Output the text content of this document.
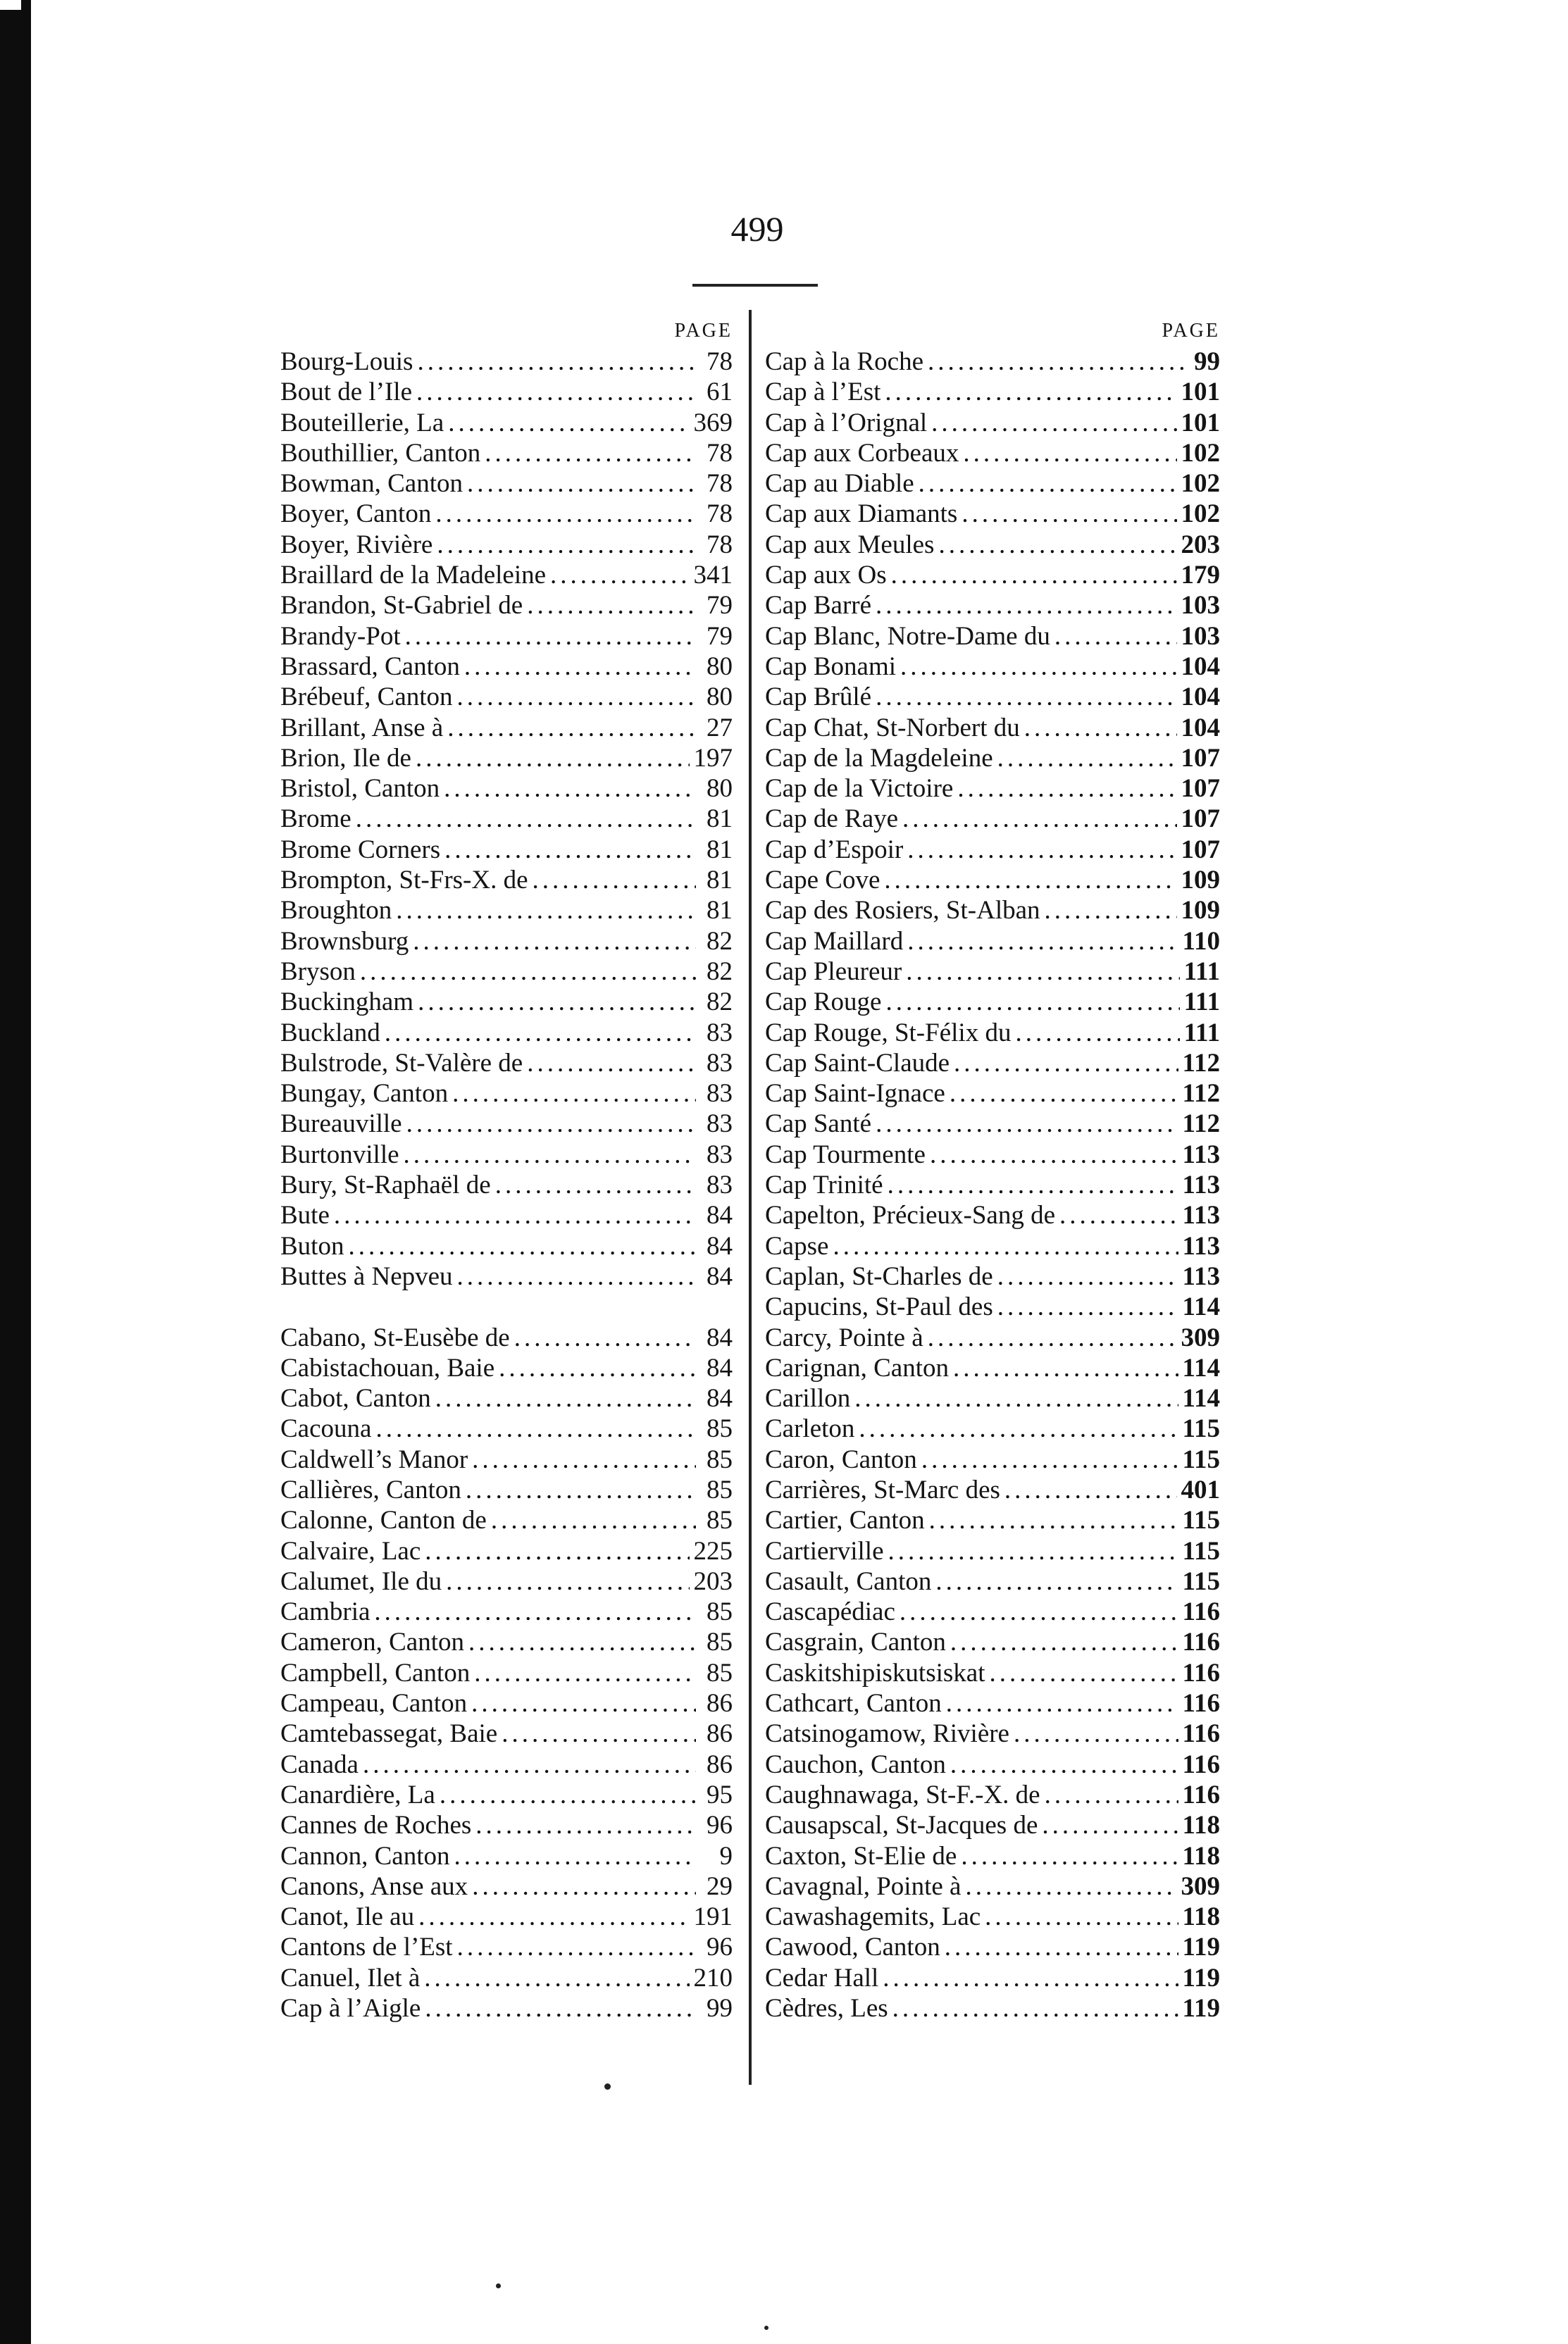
499
PAGE
Bourg-Louis .....	78
Bout de l’Ile .....	61
Bouteillerie, La .....	369
Bouthillier, Canton .....	78
Bowman, Canton .....	78
Boyer, Canton .....	78
Boyer, Rivière .....	78
Braillard de la Madeleine .....	341
Brandon, St-Gabriel de .....	79
Brandy-Pot .....	79
Brassard, Canton .....	80
Brébeuf, Canton .....	80
Brillant, Anse à .....	27
Brion, Ile de .....	197
Bristol, Canton .....	80
Brome .....	81
Brome Corners .....	81
Brompton, St-Frs-X. de .....	81
Broughton .....	81
Brownsburg .....	82
Bryson .....	82
Buckingham .....	82
Buckland .....	83
Bulstrode, St-Valère de .....	83
Bungay, Canton .....	83
Bureauville .....	83
Burtonville .....	83
Bury, St-Raphaël de .....	83
Bute .....	84
Buton .....	84
Buttes à Nepveu .....	84
Cabano, St-Eusèbe de .....	84
Cabistachouan, Baie .....	84
Cabot, Canton .....	84
Cacouna .....	85
Caldwell’s Manor .....	85
Callières, Canton .....	85
Calonne, Canton de .....	85
Calvaire, Lac .....	225
Calumet, Ile du .....	203
Cambria .....	85
Cameron, Canton .....	85
Campbell, Canton .....	85
Campeau, Canton .....	86
Camtebassegat, Baie .....	86
Canada .....	86
Canardière, La .....	95
Cannes de Roches .....	96
Cannon, Canton .....	9
Canons, Anse aux .....	29
Canot, Ile au .....	191
Cantons de l’Est .....	96
Canuel, Ilet à .....	210
Cap à l’Aigle .....	99
PAGE
Cap à la Roche .....	99
Cap à l’Est .....	101
Cap à l’Orignal .....	101
Cap aux Corbeaux .....	102
Cap au Diable .....	102
Cap aux Diamants .....	102
Cap aux Meules .....	203
Cap aux Os .....	179
Cap Barré .....	103
Cap Blanc, Notre-Dame du .....	103
Cap Bonami .....	104
Cap Brûlé .....	104
Cap Chat, St-Norbert du .....	104
Cap de la Magdeleine .....	107
Cap de la Victoire .....	107
Cap de Raye .....	107
Cap d’Espoir .....	107
Cape Cove .....	109
Cap des Rosiers, St-Alban .....	109
Cap Maillard .....	110
Cap Pleureur .....	111
Cap Rouge .....	111
Cap Rouge, St-Félix du .....	111
Cap Saint-Claude .....	112
Cap Saint-Ignace .....	112
Cap Santé .....	112
Cap Tourmente .....	113
Cap Trinité .....	113
Capelton, Précieux-Sang de .....	113
Capse .....	113
Caplan, St-Charles de .....	113
Capucins, St-Paul des .....	114
Carcy, Pointe à .....	309
Carignan, Canton .....	114
Carillon .....	114
Carleton .....	115
Caron, Canton .....	115
Carrières, St-Marc des .....	401
Cartier, Canton .....	115
Cartierville .....	115
Casault, Canton .....	115
Cascapédiac .....	116
Casgrain, Canton .....	116
Caskitshipiskutsiskat .....	116
Cathcart, Canton .....	116
Catsinogamow, Rivière .....	116
Cauchon, Canton .....	116
Caughnawaga, St-F.-X. de .....	116
Causapscal, St-Jacques de .....	118
Caxton, St-Elie de .....	118
Cavagnal, Pointe à .....	309
Cawashagemits, Lac .....	118
Cawood, Canton .....	119
Cedar Hall .....	119
Cèdres, Les .....	119
